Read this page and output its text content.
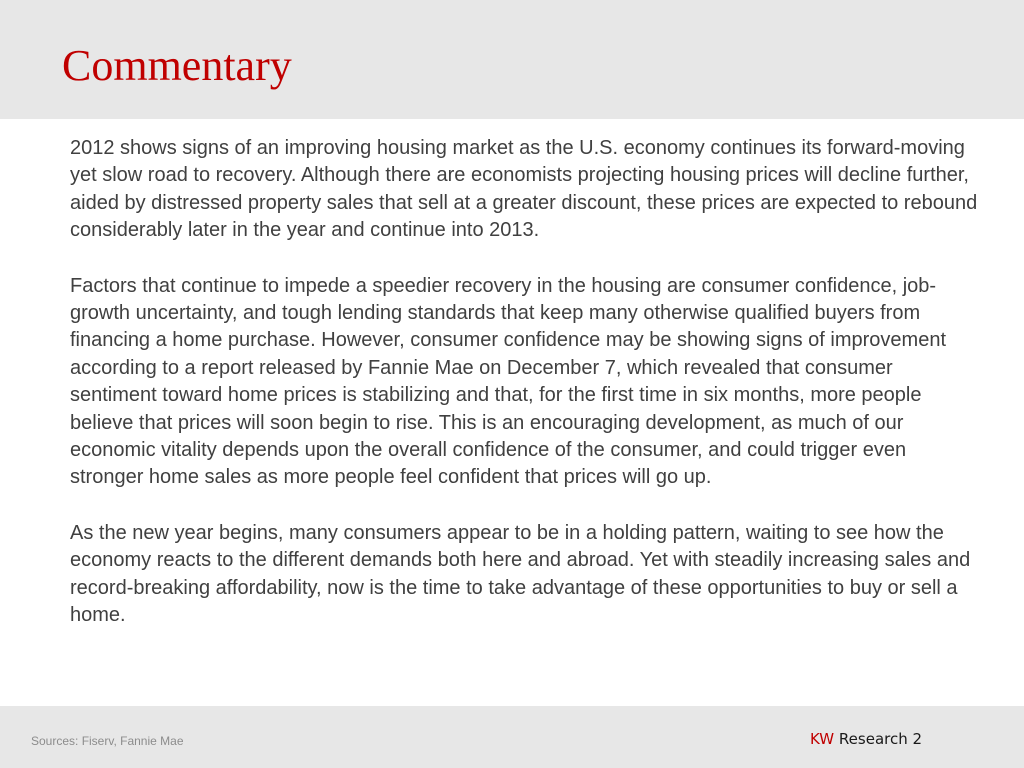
Commentary

2012 shows signs of an improving housing market as the U.S. economy continues its forward-moving yet slow road to recovery. Although there are economists projecting housing prices will decline further, aided by distressed property sales that sell at a greater discount, these prices are expected to rebound considerably later in the year and continue into 2013.

Factors that continue to impede a speedier recovery in the housing are consumer confidence, job-growth uncertainty, and tough lending standards that keep many otherwise qualified buyers from financing a home purchase. However, consumer confidence may be showing signs of improvement according to a report released by Fannie Mae on December 7, which revealed that consumer sentiment toward home prices is stabilizing and that, for the first time in six months, more people believe that prices will soon begin to rise. This is an encouraging development, as much of our economic vitality depends upon the overall confidence of the consumer, and could trigger even stronger home sales as more people feel confident that prices will go up.

As the new year begins, many consumers appear to be in a holding pattern, waiting to see how the economy reacts to the different demands both here and abroad. Yet with steadily increasing sales and record-breaking affordability, now is the time to take advantage of these opportunities to buy or sell a home.

Sources: Fiserv, Fannie Mae	KW Research 2
